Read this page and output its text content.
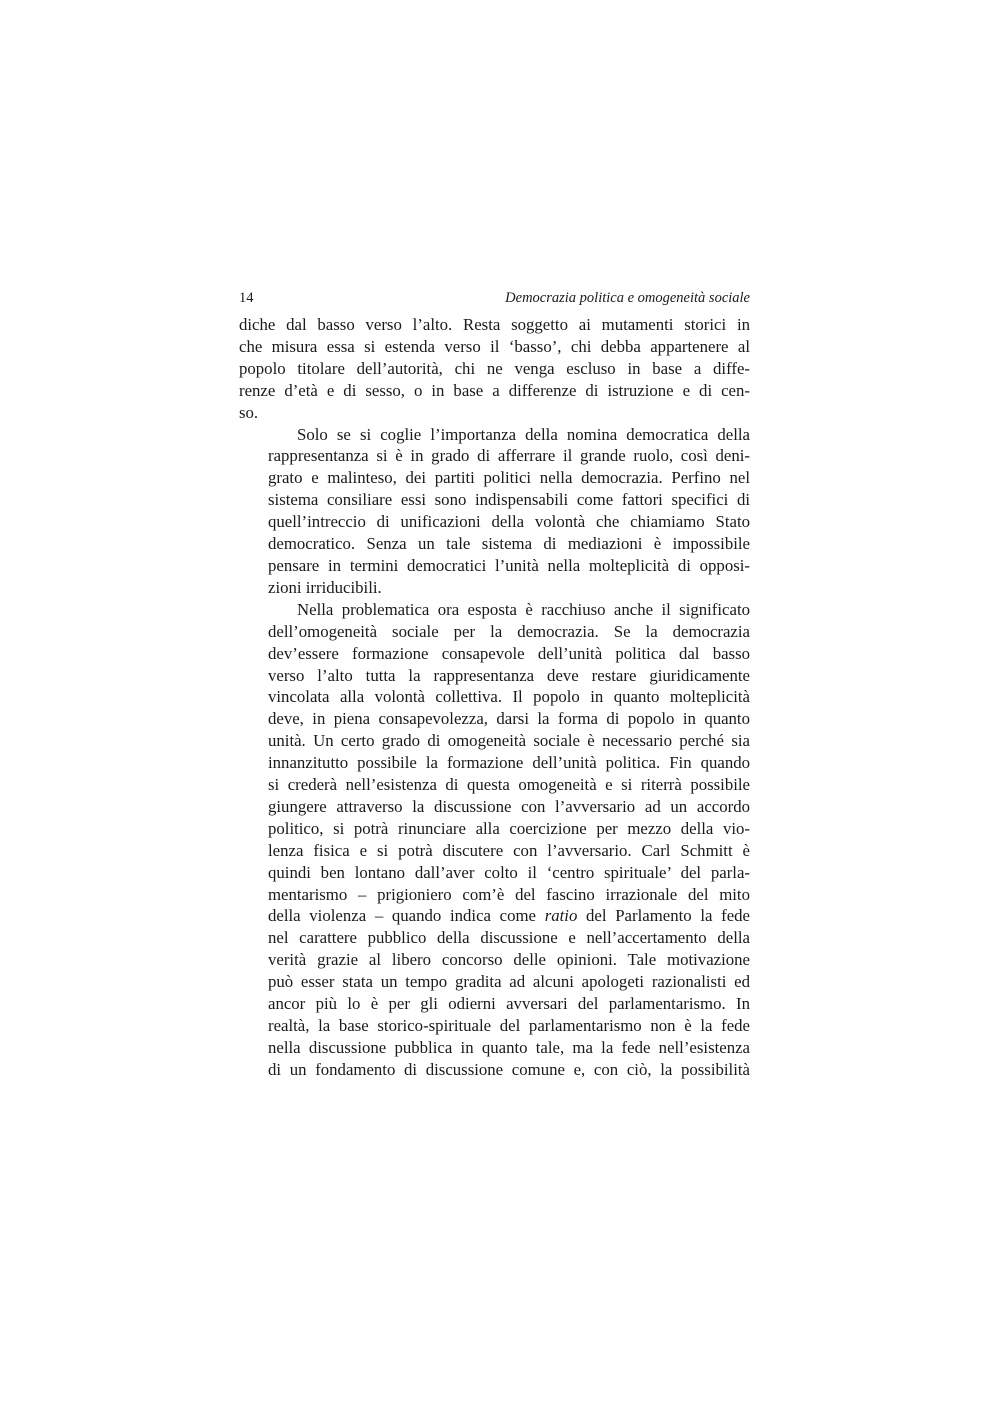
14	Democrazia politica e omogeneità sociale

diche dal basso verso l’alto. Resta soggetto ai mutamenti storici in
che misura essa si estenda verso il ‘basso’, chi debba appartenere al
popolo titolare dell’autorità, chi ne venga escluso in base a diffe-
renze d’età e di sesso, o in base a differenze di istruzione e di cen-
so.

Solo se si coglie l’importanza della nomina democratica della
rappresentanza si è in grado di afferrare il grande ruolo, così deni-
grato e malinteso, dei partiti politici nella democrazia. Perfino nel
sistema consiliare essi sono indispensabili come fattori specifici di
quell’intreccio di unificazioni della volontà che chiamiamo Stato
democratico. Senza un tale sistema di mediazioni è impossibile
pensare in termini democratici l’unità nella molteplicità di opposi-
zioni irriducibili.

Nella problematica ora esposta è racchiuso anche il significato
dell’omogeneità sociale per la democrazia. Se la democrazia
dev’essere formazione consapevole dell’unità politica dal basso
verso l’alto tutta la rappresentanza deve restare giuridicamente
vincolata alla volontà collettiva. Il popolo in quanto molteplicità
deve, in piena consapevolezza, darsi la forma di popolo in quanto
unità. Un certo grado di omogeneità sociale è necessario perché sia
innanzitutto possibile la formazione dell’unità politica. Fin quando
si crederà nell’esistenza di questa omogeneità e si riterrà possibile
giungere attraverso la discussione con l’avversario ad un accordo
politico, si potrà rinunciare alla coercizione per mezzo della vio-
lenza fisica e si potrà discutere con l’avversario. Carl Schmitt è
quindi ben lontano dall’aver colto il ‘centro spirituale’ del parla-
mentarismo – prigioniero com’è del fascino irrazionale del mito
della violenza – quando indica come ratio del Parlamento la fede
nel carattere pubblico della discussione e nell’accertamento della
verità grazie al libero concorso delle opinioni. Tale motivazione
può esser stata un tempo gradita ad alcuni apologeti razionalisti ed
ancor più lo è per gli odierni avversari del parlamentarismo. In
realtà, la base storico-spirituale del parlamentarismo non è la fede
nella discussione pubblica in quanto tale, ma la fede nell’esistenza
di un fondamento di discussione comune e, con ciò, la possibilità
